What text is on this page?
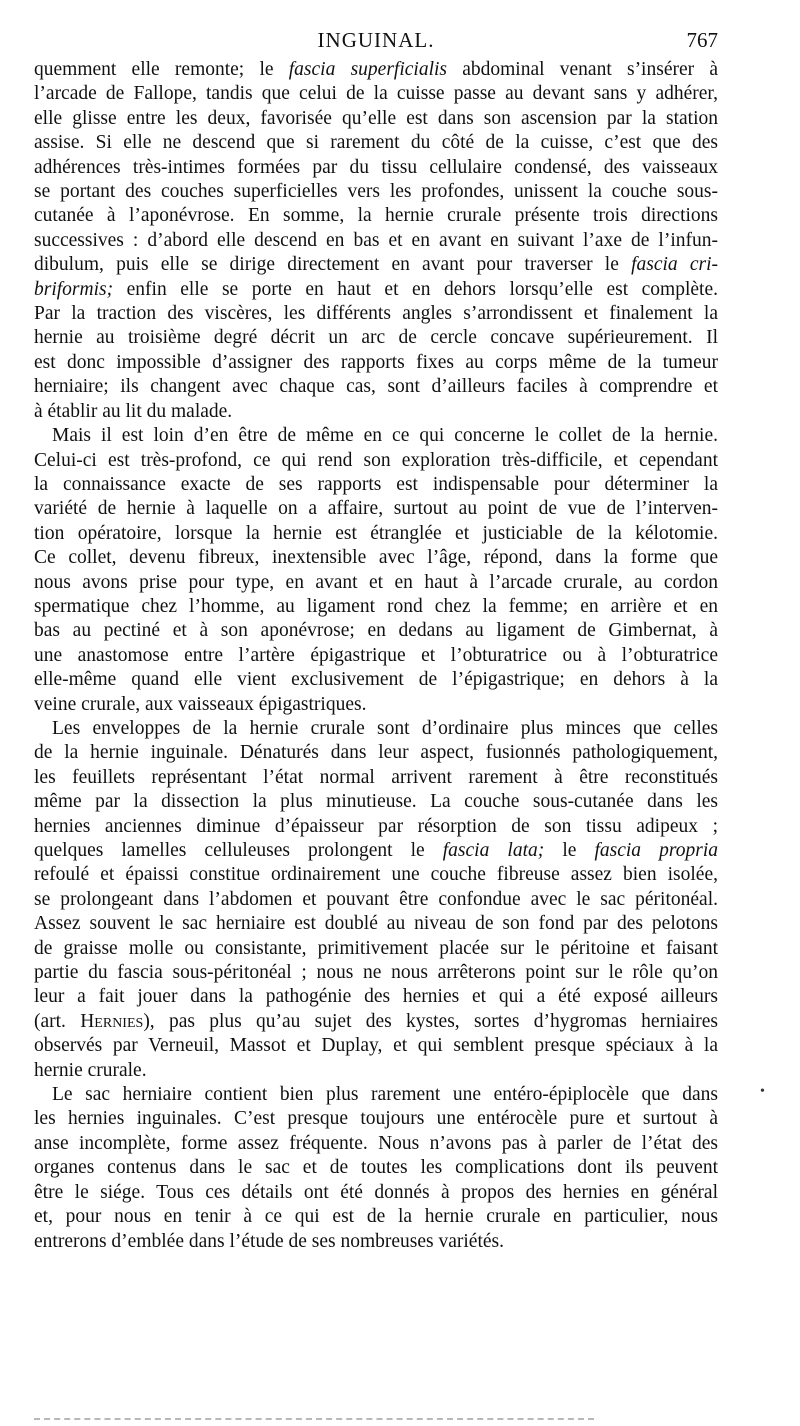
INGUINAL.	767
quemment elle remonte; le fascia superficialis abdominal venant s’insérer à
l’arcade de Fallope, tandis que celui de la cuisse passe au devant sans y adhérer,
elle glisse entre les deux, favorisée qu’elle est dans son ascension par la station
assise. Si elle ne descend que si rarement du côté de la cuisse, c’est que des
adhérences très-intimes formées par du tissu cellulaire condensé, des vaisseaux
se portant des couches superficielles vers les profondes, unissent la couche sous-
cutanée à l’aponévrose. En somme, la hernie crurale présente trois directions
successives : d’abord elle descend en bas et en avant en suivant l’axe de l’infun-
dibulum, puis elle se dirige directement en avant pour traverser le fascia cri-
briformis; enfin elle se porte en haut et en dehors lorsqu’elle est complète.
Par la traction des viscères, les différents angles s’arrondissent et finalement la
hernie au troisième degré décrit un arc de cercle concave supérieurement. Il
est donc impossible d’assigner des rapports fixes au corps même de la tumeur
herniaire; ils changent avec chaque cas, sont d’ailleurs faciles à comprendre et
à établir au lit du malade.
Mais il est loin d’en être de même en ce qui concerne le collet de la hernie.
Celui-ci est très-profond, ce qui rend son exploration très-difficile, et cependant
la connaissance exacte de ses rapports est indispensable pour déterminer la
variété de hernie à laquelle on a affaire, surtout au point de vue de l’interven-
tion opératoire, lorsque la hernie est étranglée et justiciable de la kélotomie.
Ce collet, devenu fibreux, inextensible avec l’âge, répond, dans la forme que
nous avons prise pour type, en avant et en haut à l’arcade crurale, au cordon
spermatique chez l’homme, au ligament rond chez la femme; en arrière et en
bas au pectiné et à son aponévrose; en dedans au ligament de Gimbernat, à
une anastomose entre l’artère épigastrique et l’obturatrice ou à l’obturatrice
elle-même quand elle vient exclusivement de l’épigastrique; en dehors à la
veine crurale, aux vaisseaux épigastriques.
Les enveloppes de la hernie crurale sont d’ordinaire plus minces que celles
de la hernie inguinale. Dénaturés dans leur aspect, fusionnés pathologiquement,
les feuillets représentant l’état normal arrivent rarement à être reconstitués
même par la dissection la plus minutieuse. La couche sous-cutanée dans les
hernies anciennes diminue d’épaisseur par résorption de son tissu adipeux ;
quelques lamelles celluleuses prolongent le fascia lata; le fascia propria
refoulé et épaissi constitue ordinairement une couche fibreuse assez bien isolée,
se prolongeant dans l’abdomen et pouvant être confondue avec le sac péritonéal.
Assez souvent le sac herniaire est doublé au niveau de son fond par des pelotons
de graisse molle ou consistante, primitivement placée sur le péritoine et faisant
partie du fascia sous-péritonéal ; nous ne nous arrêterons point sur le rôle qu’on
leur a fait jouer dans la pathogénie des hernies et qui a été exposé ailleurs
(art. Hernies), pas plus qu’au sujet des kystes, sortes d’hygromas herniaires
observés par Verneuil, Massot et Duplay, et qui semblent presque spéciaux à la
hernie crurale.
Le sac herniaire contient bien plus rarement une entéro-épiplocèle que dans
les hernies inguinales. C’est presque toujours une entérocèle pure et surtout à
anse incomplète, forme assez fréquente. Nous n’avons pas à parler de l’état des
organes contenus dans le sac et de toutes les complications dont ils peuvent
être le siége. Tous ces détails ont été donnés à propos des hernies en général
et, pour nous en tenir à ce qui est de la hernie crurale en particulier, nous
entrerons d’emblée dans l’étude de ses nombreuses variétés.
•
